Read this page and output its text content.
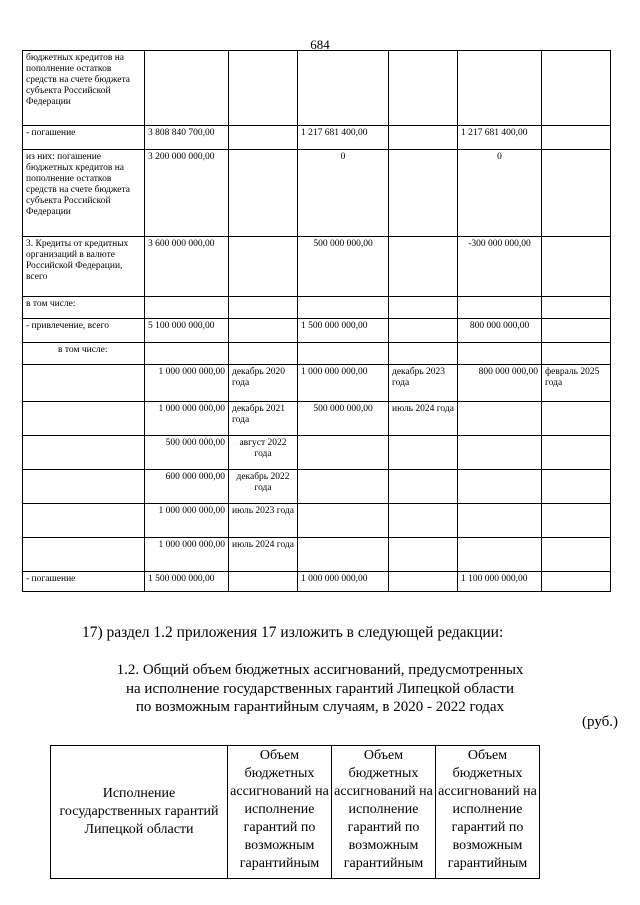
684
бюджетных кредитов на пополнение остатков средств на счете бюджета субъекта Российской Федерации						
- погашение	3 808 840 700,00		1 217 681 400,00		1 217 681 400,00	
из них: погашение бюджетных кредитов на пополнение остатков средств на счете бюджета субъекта Российской Федерации	3 200 000 000,00		0		0	
3. Кредиты от кредитных организаций в валюте Российской Федерации, всего	3 600 000 000,00		500 000 000,00		-300 000 000,00	
в том числе:						
- привлечение, всего	5 100 000 000,00		1 500 000 000,00		800 000 000,00	
в том числе:						
	1 000 000 000,00	декабрь 2020 года	1 000 000 000,00	декабрь 2023 года	800 000 000,00	февраль 2025 года
	1 000 000 000,00	декабрь 2021 года	500 000 000,00	июль 2024 года		
	500 000 000,00	август 2022 года				
	600 000 000,00	декабрь 2022 года				
	1 000 000 000,00	июль 2023 года				
	1 000 000 000,00	июль 2024 года				
- погашение	1 500 000 000,00		1 000 000 000,00		1 100 000 000,00	
17) раздел 1.2 приложения 17 изложить в следующей редакции:
1.2. Общий объем бюджетных ассигнований, предусмотренных
на исполнение государственных гарантий Липецкой области
по возможным гарантийным случаям, в 2020 - 2022 годах
(руб.)
Исполнение государственных гарантий Липецкой области	Объем бюджетных ассигнований на исполнение гарантий по возможным гарантийным	Объем бюджетных ассигнований на исполнение гарантий по возможным гарантийным	Объем бюджетных ассигнований на исполнение гарантий по возможным гарантийным
